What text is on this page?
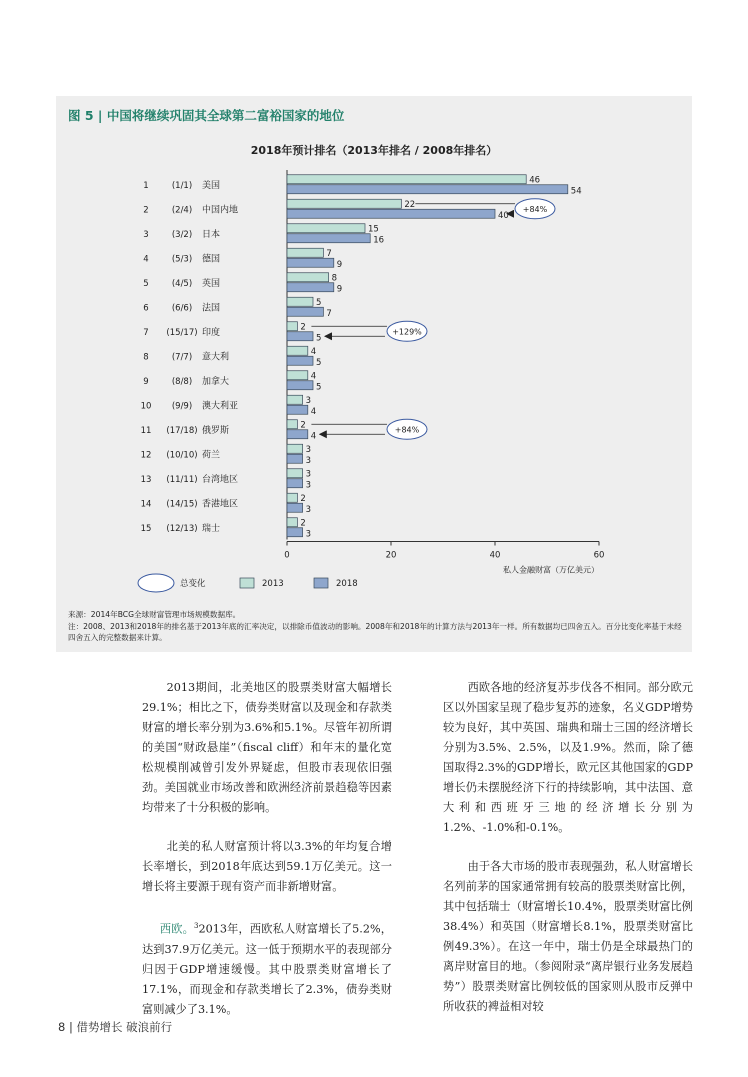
图 5 | 中国将继续巩固其全球第二富裕国家的地位
2018年预计排名（2013年排名 / 2008年排名）
1	(1/1) 美国
46
54
2	(2/4) 中国内地
22
40
3	(3/2) 日本
15
16
4	(5/3) 德国
7
9
5	(4/5) 英国
8
9
6	(6/6) 法国
5
7
7 (15/17) 印度
2
5
8	(7/7) 意大利
4
5
9	(8/8) 加拿大
4
5
10 (9/9) 澳大利亚
3
4
11 (17/18) 俄罗斯
2
4
12 (10/10) 荷兰
3
3
13 (11/11) 台湾地区
3
3
14 (14/15) 香港地区
2
3
15 (12/13) 瑞士
2
3
+84%
+129%
+84%
0	20	40	60
私人金融财富（万亿美元）
总变化	2013	2018
来源：2014年BCG全球财富管理市场规模数据库。
注：2008、2013和2018年的排名基于2013年底的汇率决定，以排除币值波动的影响。2008年和2018年的计算方法与2013年一样。所有数据均已四舍五入。百分比变化率基于未经四舍五入的完整数据来计算。

2013期间，北美地区的股票类财富大幅增长29.1%；相比之下，债券类财富以及现金和存款类财富的增长率分别为3.6%和5.1%。尽管年初所谓的美国“财政悬崖”（fiscal cliff）和年末的量化宽松规模削减曾引发外界疑虑，但股市表现依旧强劲。美国就业市场改善和欧洲经济前景趋稳等因素均带来了十分积极的影响。

北美的私人财富预计将以3.3%的年均复合增长率增长，到2018年底达到59.1万亿美元。这一增长将主要源于现有资产而非新增财富。

西欧。$^3$2013年，西欧私人财富增长了5.2%，达到37.9万亿美元。这一低于预期水平的表现部分归因于GDP增速缓慢。其中股票类财富增长了17.1%，而现金和存款类增长了2.3%，债券类财富则减少了3.1%。

西欧各地的经济复苏步伐各不相同。部分欧元区以外国家呈现了稳步复苏的迹象，名义GDP增势较为良好，其中英国、瑞典和瑞士三国的经济增长分别为3.5%、2.5%，以及1.9%。然而，除了德国取得2.3%的GDP增长，欧元区其他国家的GDP增长仍未摆脱经济下行的持续影响，其中法国、意大利和西班牙三地的经济增长分别为1.2%、-1.0%和-0.1%。

由于各大市场的股市表现强劲，私人财富增长名列前茅的国家通常拥有较高的股票类财富比例，其中包括瑞士（财富增长10.4%，股票类财富比例38.4%）和英国（财富增长8.1%，股票类财富比例49.3%）。在这一年中，瑞士仍是全球最热门的离岸财富目的地。（参阅附录“离岸银行业务发展趋势”）股票类财富比例较低的国家则从股市反弹中所收获的裨益相对较

8 | 借势增长 破浪前行
